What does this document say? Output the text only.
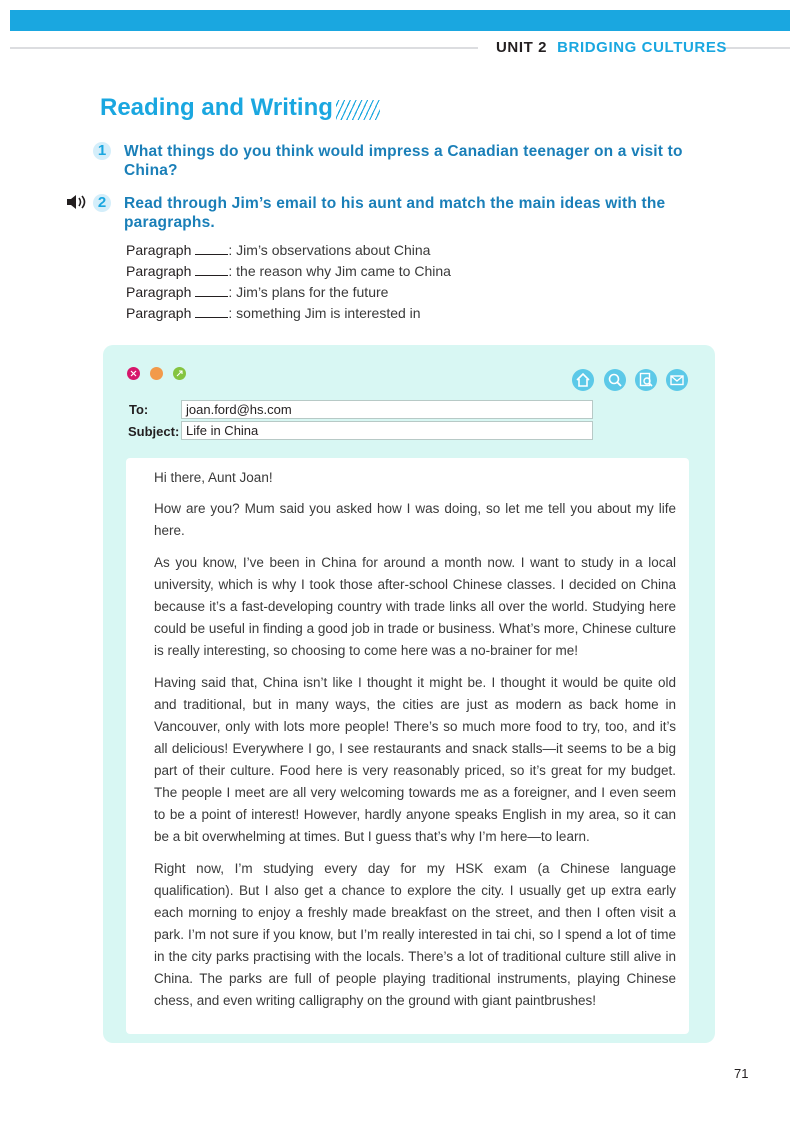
UNIT 2 BRIDGING CULTURES
Reading and Writing
1	What things do you think would impress a Canadian teenager on a visit to China?
2	Read through Jim’s email to his aunt and match the main ideas with the paragraphs.
Paragraph	: Jim’s observations about China
Paragraph	: the reason why Jim came to China
Paragraph	: Jim’s plans for the future
Paragraph	: something Jim is interested in
To:	joan.ford@hs.com
Subject: Life in China

Hi there, Aunt Joan!

How are you? Mum said you asked how I was doing, so let me tell you about my life here.

As you know, I’ve been in China for around a month now. I want to study in a local university, which is why I took those after-school Chinese classes. I decided on China because it’s a fast-developing country with trade links all over the world. Studying here could be useful in finding a good job in trade or business. What’s more, Chinese culture is really interesting, so choosing to come here was a no-brainer for me!

Having said that, China isn’t like I thought it might be. I thought it would be quite old and traditional, but in many ways, the cities are just as modern as back home in Vancouver, only with lots more people! There’s so much more food to try, too, and it’s all delicious! Everywhere I go, I see restaurants and snack stalls—it seems to be a big part of their culture. Food here is very reasonably priced, so it’s great for my budget. The people I meet are all very welcoming towards me as a foreigner, and I even seem to be a point of interest! However, hardly anyone speaks English in my area, so it can be a bit overwhelming at times. But I guess that’s why I’m here—to learn.

Right now, I’m studying every day for my HSK exam (a Chinese language qualification). But I also get a chance to explore the city. I usually get up extra early each morning to enjoy a freshly made breakfast on the street, and then I often visit a park. I’m not sure if you know, but I’m really interested in tai chi, so I spend a lot of time in the city parks practising with the locals. There’s a lot of traditional culture still alive in China. The parks are full of people playing traditional instruments, playing Chinese chess, and even writing calligraphy on the ground with giant paintbrushes!

71
